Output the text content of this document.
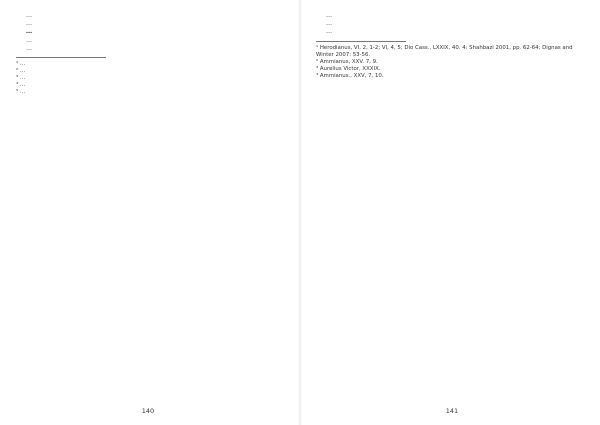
…

…

…

…

…

¹ …
² …
³ …
⁴ …
⁵ …
140

…

…

…

¹ Herodianus, VI, 2, 1-2; VI, 4, 5; Dio Cass., LXXIX, 40. 4: Shahbazi 2001, pp. 62-64; Dignas and Winter 2007: 53-56.
² Ammianus, XXV. 7, 9.
³ Aurelius Victor, XXXIX.
⁴ Ammianus., XXV, 7, 10.
141
